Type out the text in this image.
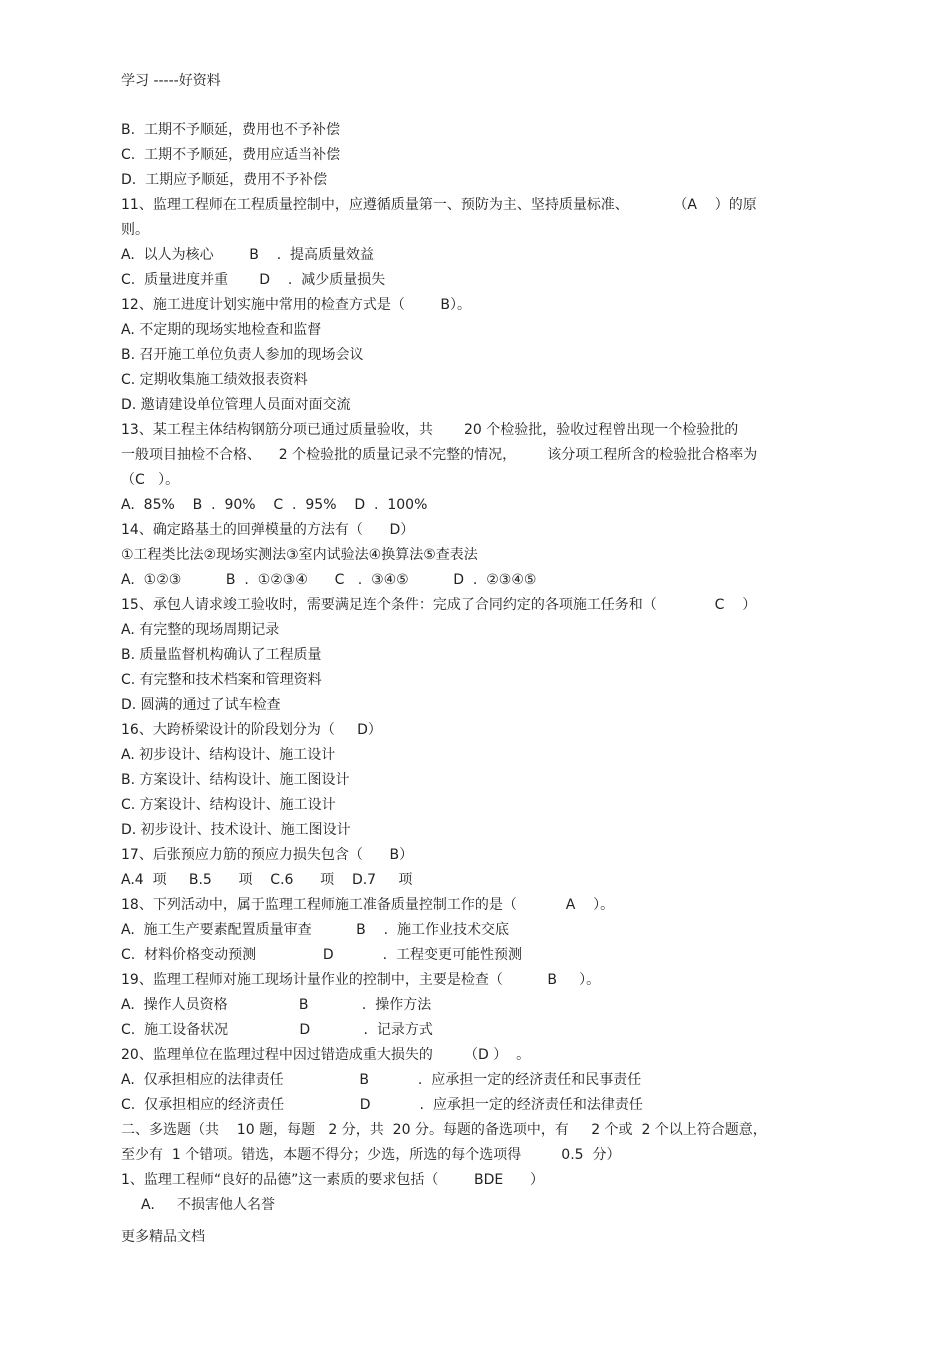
学习 -----好资料
B.  工期不予顺延，费用也不予补偿
C.  工期不予顺延，费用应适当补偿
D.  工期应予顺延，费用不予补偿
11、监理工程师在工程质量控制中，应遵循质量第一、预防为主、坚持质量标准、          （A    ）的原
则。
A.  以人为核心        B    .  提高质量效益
C.  质量进度并重       D    .  减少质量损失
12、施工进度计划实施中常用的检查方式是（        B）。
A. 不定期的现场实地检查和监督
B. 召开施工单位负责人参加的现场会议
C. 定期收集施工绩效报表资料
D. 邀请建设单位管理人员面对面交流
13、某工程主体结构钢筋分项已通过质量验收，共       20 个检验批，验收过程曾出现一个检验批的
一般项目抽检不合格、    2 个检验批的质量记录不完整的情况，       该分项工程所含的检验批合格率为
（C   ）。
A.  85%    B  .  90%    C  .  95%    D  .  100%
14、确定路基土的回弹模量的方法有（      D）
①工程类比法②现场实测法③室内试验法④换算法⑤查表法
A.  ①②③          B  .  ①②③④      C   .  ③④⑤          D  .  ②③④⑤
15、承包人请求竣工验收时，需要满足连个条件：完成了合同约定的各项施工任务和（             C    ）
A. 有完整的现场周期记录
B. 质量监督机构确认了工程质量
C. 有完整和技术档案和管理资料
D. 圆满的通过了试车检查
16、大跨桥梁设计的阶段划分为（     D）
A. 初步设计、结构设计、施工设计
B. 方案设计、结构设计、施工图设计
C. 方案设计、结构设计、施工设计
D. 初步设计、技术设计、施工图设计
17、后张预应力筋的预应力损失包含（      B）
A.4  项     B.5      项    C.6      项    D.7     项
18、下列活动中，属于监理工程师施工准备质量控制工作的是（           A    ）。
A.  施工生产要素配置质量审查          B    .  施工作业技术交底
C.  材料价格变动预测               D           .  工程变更可能性预测
19、监理工程师对施工现场计量作业的控制中，主要是检查（          B     ）。
A.  操作人员资格                B            .  操作方法
C.  施工设备状况                D            .  记录方式
20、监理单位在监理过程中因过错造成重大损失的       （D ）  。
A.  仅承担相应的法律责任                 B           .  应承担一定的经济责任和民事责任
C.  仅承担相应的经济责任                 D           .  应承担一定的经济责任和法律责任
二、多选题（共    10 题，每题   2 分，共  20 分。每题的备选项中，有     2 个或  2 个以上符合题意，
至少有  1 个错项。错选，本题不得分；少选，所选的每个选项得         0.5  分）
1、监理工程师“良好的品德”这一素质的要求包括（        BDE      ）
A.     不损害他人名誉
更多精品文档
